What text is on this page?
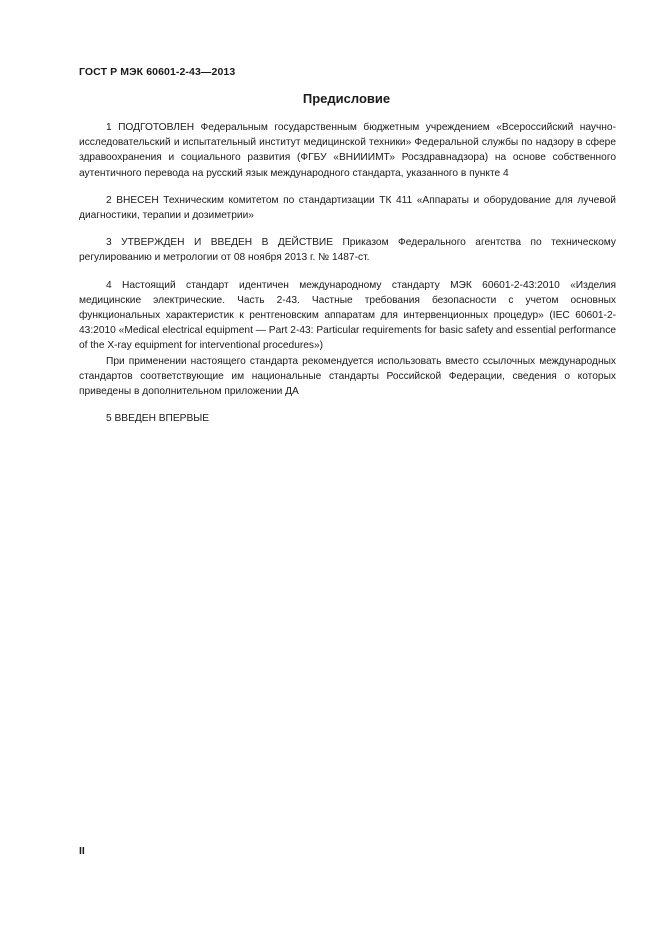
ГОСТ Р МЭК 60601-2-43—2013
Предисловие

1 ПОДГОТОВЛЕН Федеральным государственным бюджетным учреждением «Всероссийский научно-исследовательский и испытательный институт медицинской техники» Федеральной службы по надзору в сфере здравоохранения и социального развития (ФГБУ «ВНИИИМТ» Росздравнадзора) на основе собственного аутентичного перевода на русский язык международного стандарта, указанного в пункте 4

2 ВНЕСЕН Техническим комитетом по стандартизации ТК 411 «Аппараты и оборудование для лучевой диагностики, терапии и дозиметрии»

3 УТВЕРЖДЕН И ВВЕДЕН В ДЕЙСТВИЕ Приказом Федерального агентства по техническому регулированию и метрологии от 08 ноября 2013 г. № 1487-ст.

4 Настоящий стандарт идентичен международному стандарту МЭК 60601-2-43:2010 «Изделия медицинские электрические. Часть 2-43. Частные требования безопасности с учетом основных функциональных характеристик к рентгеновским аппаратам для интервенционных процедур» (IEC 60601-2-43:2010 «Medical electrical equipment — Part 2-43: Particular requirements for basic safety and essential performance of the X-ray equipment for interventional procedures»)

При применении настоящего стандарта рекомендуется использовать вместо ссылочных международных стандартов соответствующие им национальные стандарты Российской Федерации, сведения о которых приведены в дополнительном приложении ДА

5 ВВЕДЕН ВПЕРВЫЕ

II
